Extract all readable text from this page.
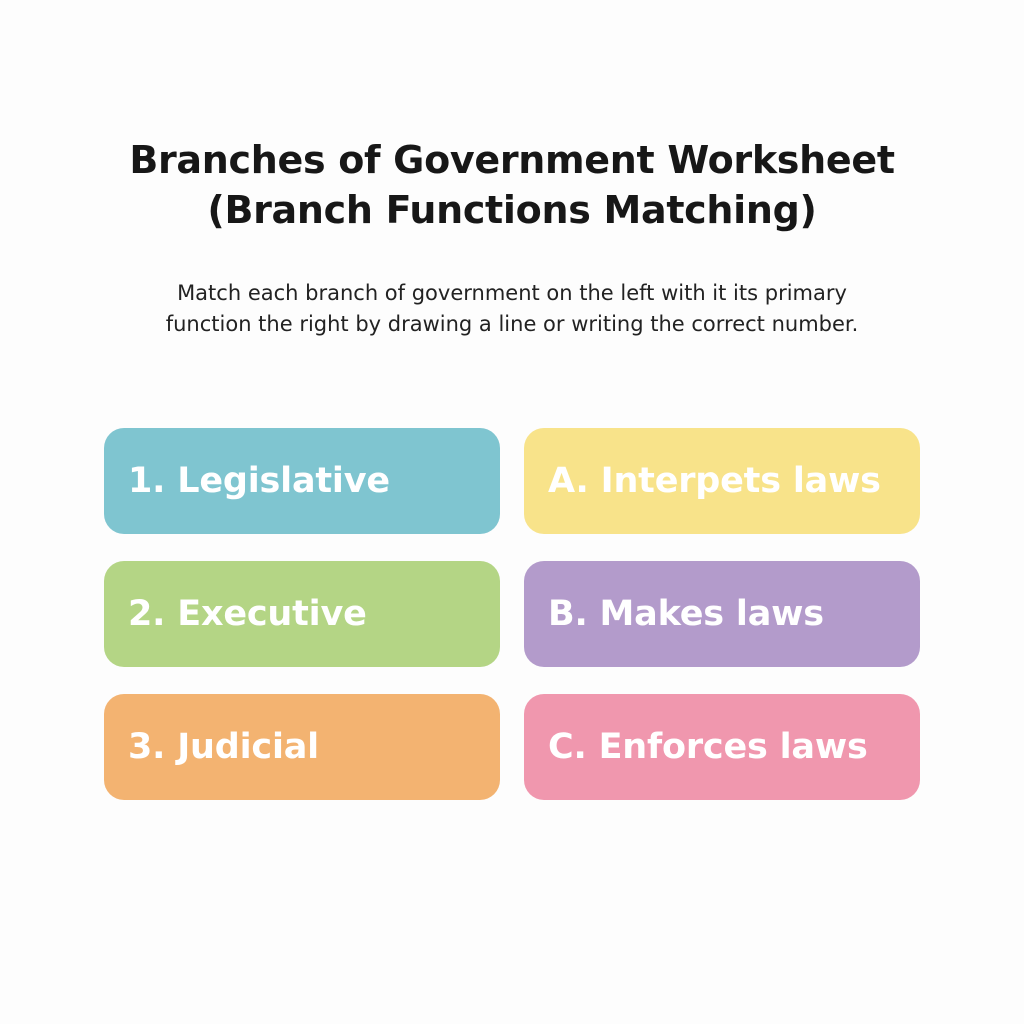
Branches of Government Worksheet
(Branch Functions Matching)

Match each branch of government on the left with it its primary
function the right by drawing a line or writing the correct number.

1. Legislative
2. Executive
3. Judicial
A. Interpets laws
B. Makes laws
C. Enforces laws
